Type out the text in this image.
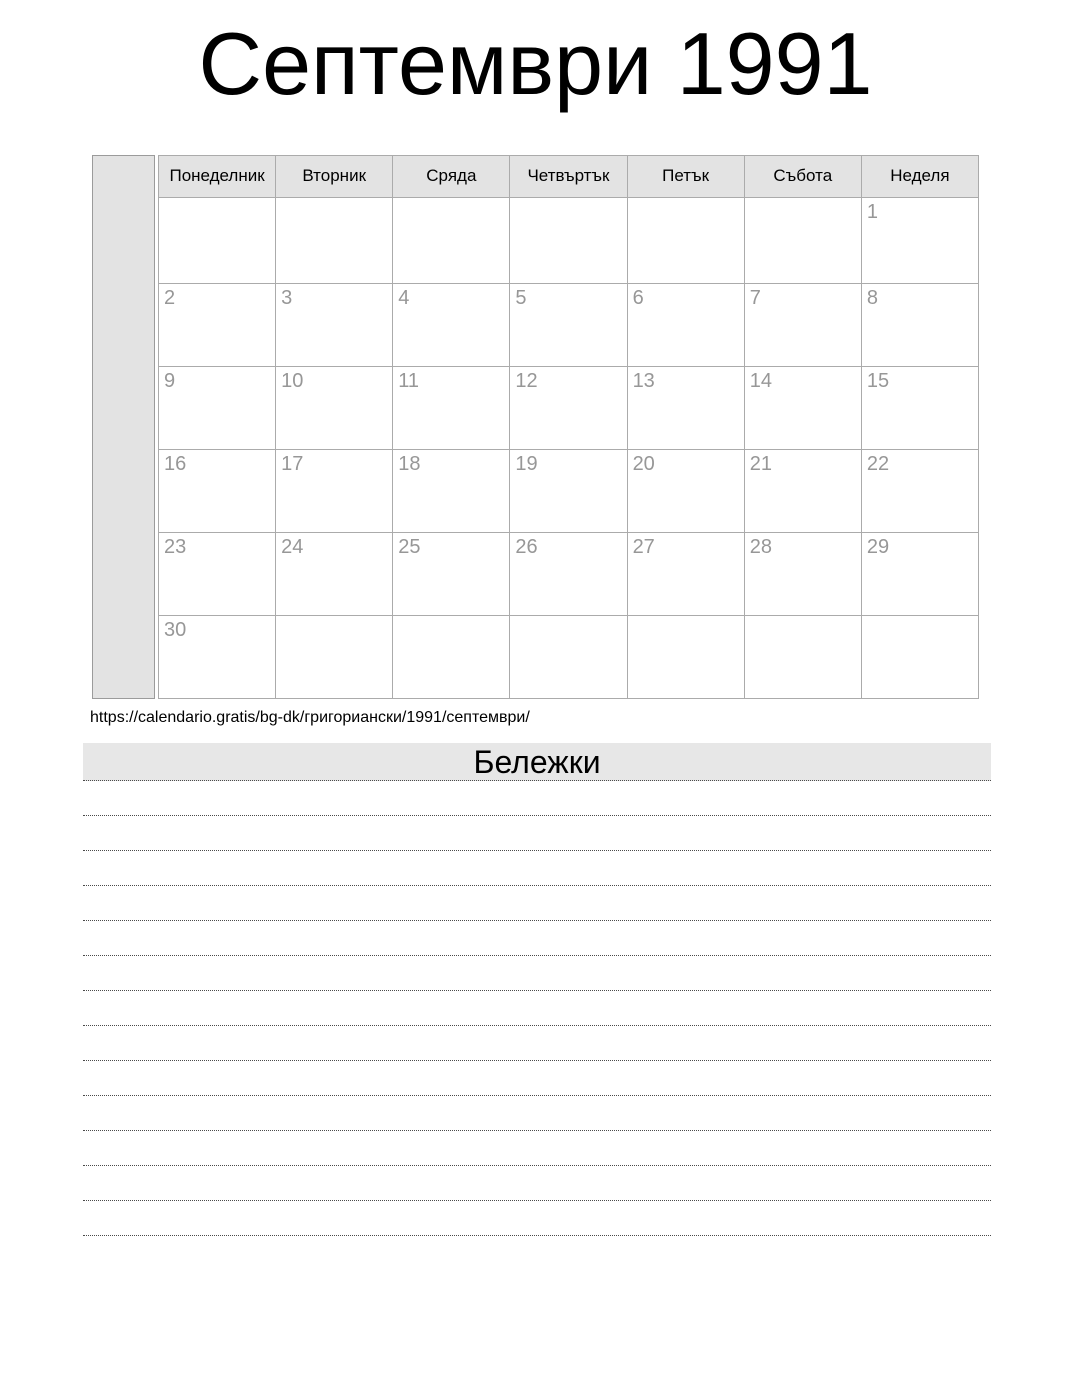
Септември 1991
Понеделник	Вторник	Сряда	Четвъртък	Петък	Събота	Неделя
						1
2	3	4	5	6	7	8
9	10	11	12	13	14	15
16	17	18	19	20	21	22
23	24	25	26	27	28	29
30						
https://calendario.gratis/bg-dk/григориански/1991/септември/
Бележки
